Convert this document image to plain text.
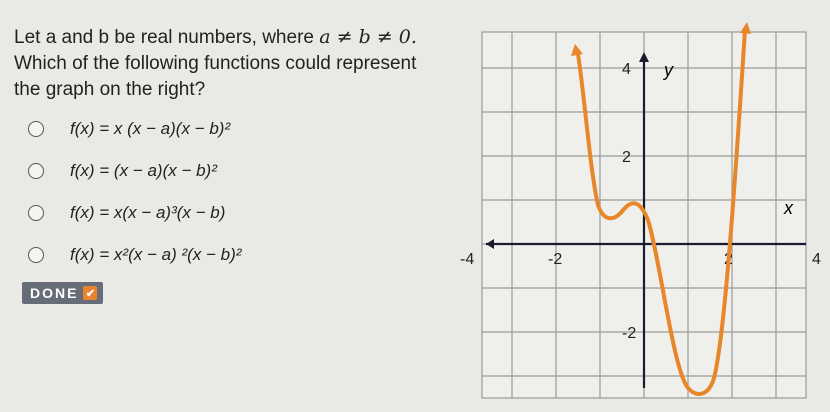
Let a and b be real numbers, where a ≠ b ≠ 0.
Which of the following functions could represent
the graph on the right?
f(x) = x (x − a)(x − b)²
f(x) = (x − a)(x − b)²
f(x) = x(x − a)³(x − b)
f(x) = x²(x − a) ²(x − b)²
DONE ✔
x
y
-4	-2	2	4
4
2
-2
